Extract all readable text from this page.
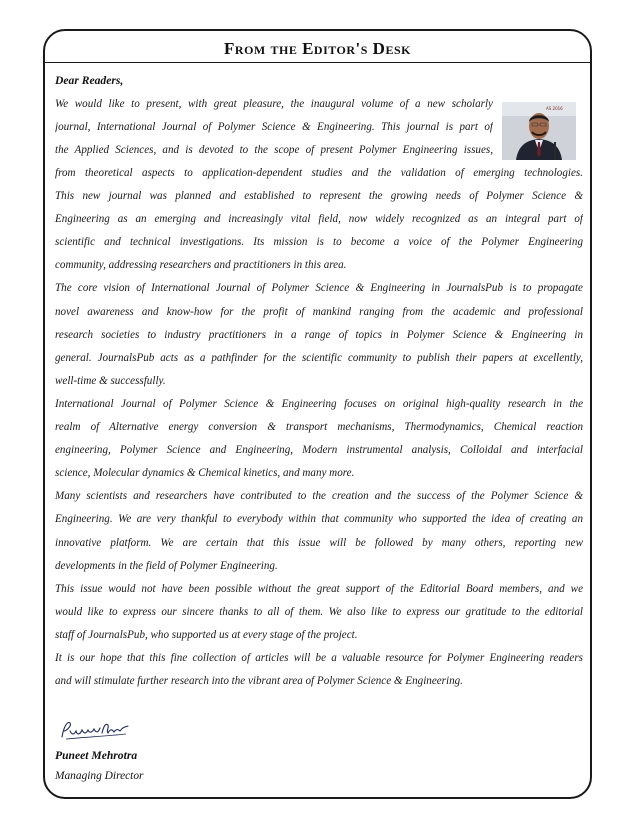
From the Editor's Desk
Dear Readers,
We would like to present, with great pleasure, the inaugural volume of a new scholarly
journal, International Journal of Polymer Science & Engineering. This journal is part of
the Applied Sciences, and is devoted to the scope of present Polymer Engineering issues,
AS 2016
from theoretical aspects to application-dependent studies and the validation of emerging technologies.
This new journal was planned and established to represent the growing needs of Polymer Science &
Engineering as an emerging and increasingly vital field, now widely recognized as an integral part of
scientific and technical investigations. Its mission is to become a voice of the Polymer Engineering
community, addressing researchers and practitioners in this area.
The core vision of International Journal of Polymer Science & Engineering in JournalsPub is to propagate
novel awareness and know-how for the profit of mankind ranging from the academic and professional
research societies to industry practitioners in a range of topics in Polymer Science & Engineering in
general. JournalsPub acts as a pathfinder for the scientific community to publish their papers at excellently,
well-time & successfully.
International Journal of Polymer Science & Engineering focuses on original high-quality research in the
realm of Alternative energy conversion & transport mechanisms, Thermodynamics, Chemical reaction
engineering, Polymer Science and Engineering, Modern instrumental analysis, Colloidal and interfacial
science, Molecular dynamics & Chemical kinetics, and many more.
Many scientists and researchers have contributed to the creation and the success of the Polymer Science &
Engineering. We are very thankful to everybody within that community who supported the idea of creating an
innovative platform. We are certain that this issue will be followed by many others, reporting new
developments in the field of Polymer Engineering.
This issue would not have been possible without the great support of the Editorial Board members, and we
would like to express our sincere thanks to all of them. We also like to express our gratitude to the editorial
staff of JournalsPub, who supported us at every stage of the project.
It is our hope that this fine collection of articles will be a valuable resource for Polymer Engineering readers
and will stimulate further research into the vibrant area of Polymer Science & Engineering.
Puneet Mehrotra
Managing Director
